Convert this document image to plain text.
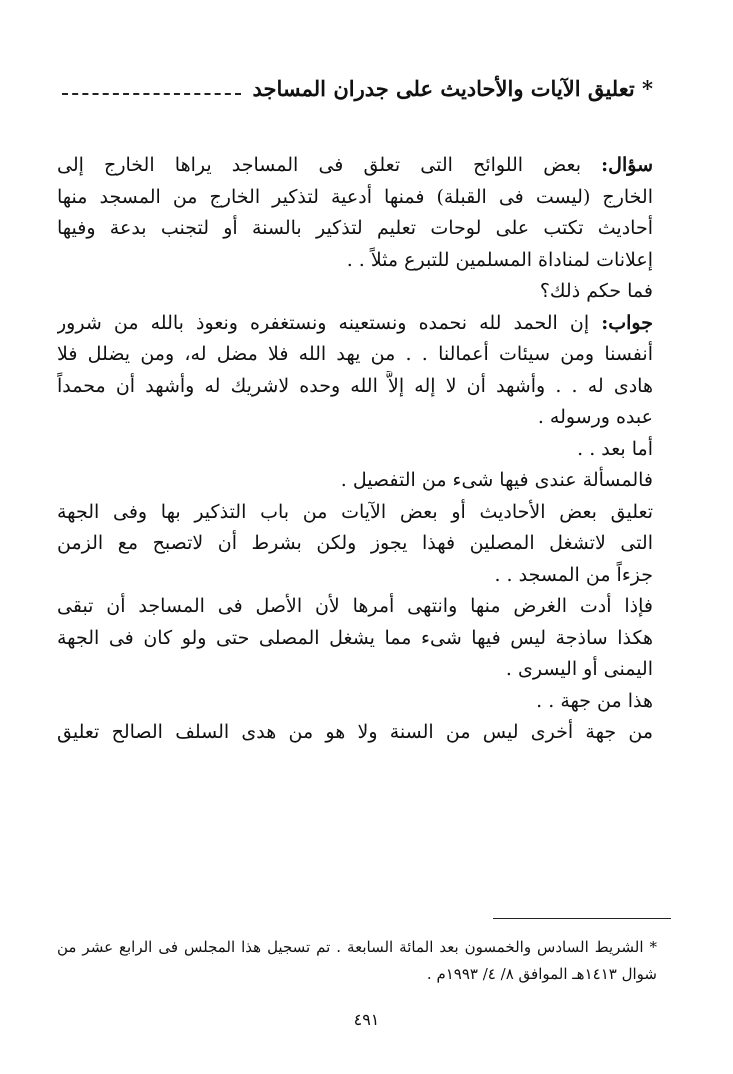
* تعليق الآيات والأحاديث على جدران المساجد
سؤال: بعض اللوائح التى تعلق فى المساجد يراها الخارج إلى
الخارج (ليست فى القبلة) فمنها أدعية لتذكير الخارج من المسجد منها
أحاديث تكتب على لوحات تعليم لتذكير بالسنة أو لتجنب بدعة وفيها
إعلانات لمناداة المسلمين للتبرع مثلاً . .
فما حكم ذلك؟
جواب: إن الحمد لله نحمده ونستعينه ونستغفره ونعوذ بالله من شرور
أنفسنا ومن سيئات أعمالنا . . من يهد الله فلا مضل له، ومن يضلل فلا
هادى له . . وأشهد أن لا إله إلاَّ الله وحده لاشريك له وأشهد أن محمداً
عبده ورسوله .
أما بعد . .
فالمسألة عندى فيها شىء من التفصيل .
تعليق بعض الأحاديث أو بعض الآيات من باب التذكير بها وفى الجهة
التى لاتشغل المصلين فهذا يجوز ولكن بشرط أن لاتصبح مع الزمن
جزءاً من المسجد . .
فإذا أدت الغرض منها وانتهى أمرها لأن الأصل فى المساجد أن تبقى
هكذا ساذجة ليس فيها شىء مما يشغل المصلى حتى ولو كان فى الجهة
اليمنى أو اليسرى .
هذا من جهة . .
من جهة أخرى ليس من السنة ولا هو من هدى السلف الصالح تعليق
* الشريط السادس والخمسون بعد المائة السابعة . تم تسجيل هذا المجلس فى الرابع عشر من
شوال ١٤١٣هـ الموافق ٨/ ٤/ ١٩٩٣م .
٤٩١
